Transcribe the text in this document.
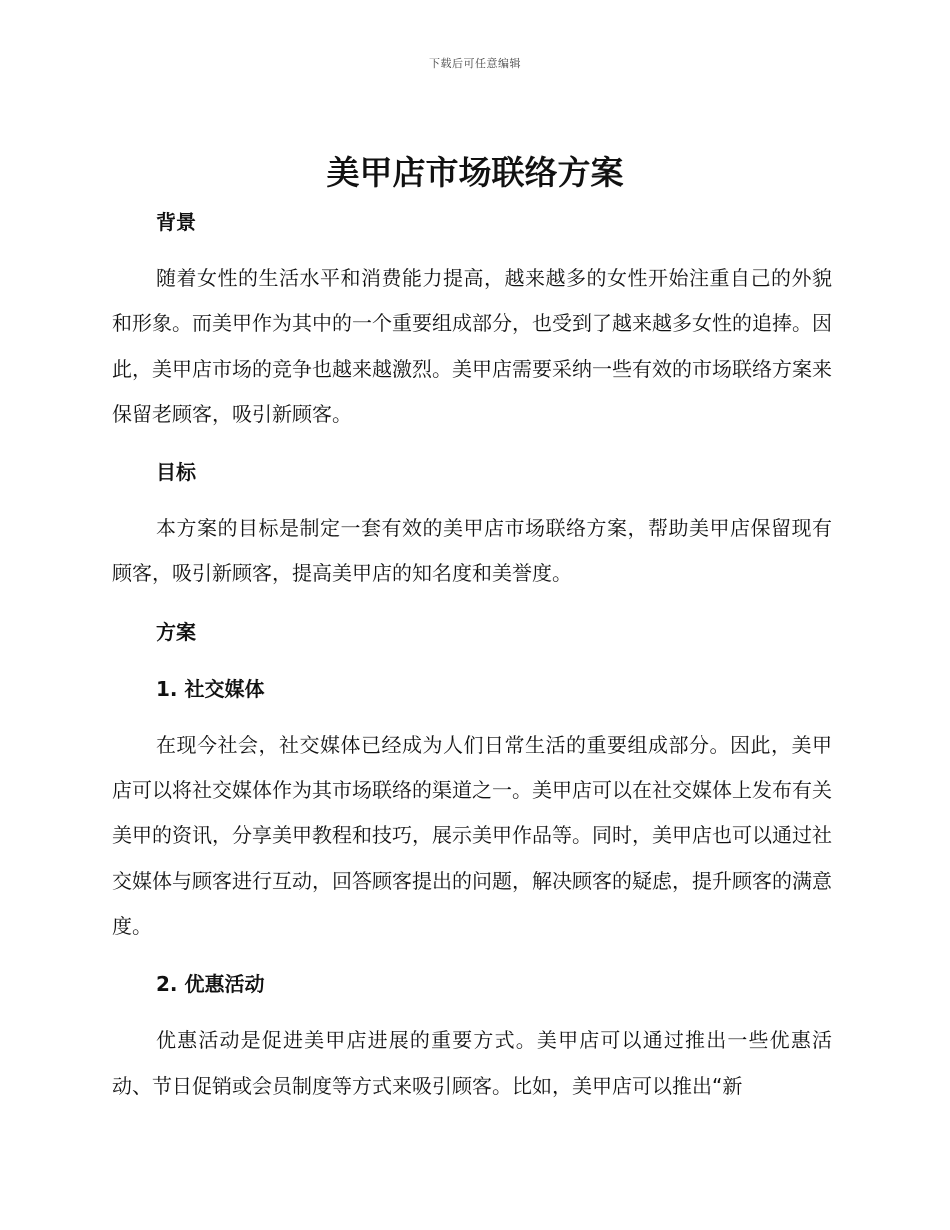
下载后可任意编辑
美甲店市场联络方案
背景

随着女性的生活水平和消费能力提高，越来越多的女性开始注重自己的外貌和形象。而美甲作为其中的一个重要组成部分，也受到了越来越多女性的追捧。因此，美甲店市场的竞争也越来越激烈。美甲店需要采纳一些有效的市场联络方案来保留老顾客，吸引新顾客。

目标

本方案的目标是制定一套有效的美甲店市场联络方案，帮助美甲店保留现有顾客，吸引新顾客，提高美甲店的知名度和美誉度。

方案
1. 社交媒体

在现今社会，社交媒体已经成为人们日常生活的重要组成部分。因此，美甲店可以将社交媒体作为其市场联络的渠道之一。美甲店可以在社交媒体上发布有关美甲的资讯，分享美甲教程和技巧，展示美甲作品等。同时，美甲店也可以通过社交媒体与顾客进行互动，回答顾客提出的问题，解决顾客的疑虑，提升顾客的满意度。

2. 优惠活动

优惠活动是促进美甲店进展的重要方式。美甲店可以通过推出一些优惠活动、节日促销或会员制度等方式来吸引顾客。比如，美甲店可以推出“新
